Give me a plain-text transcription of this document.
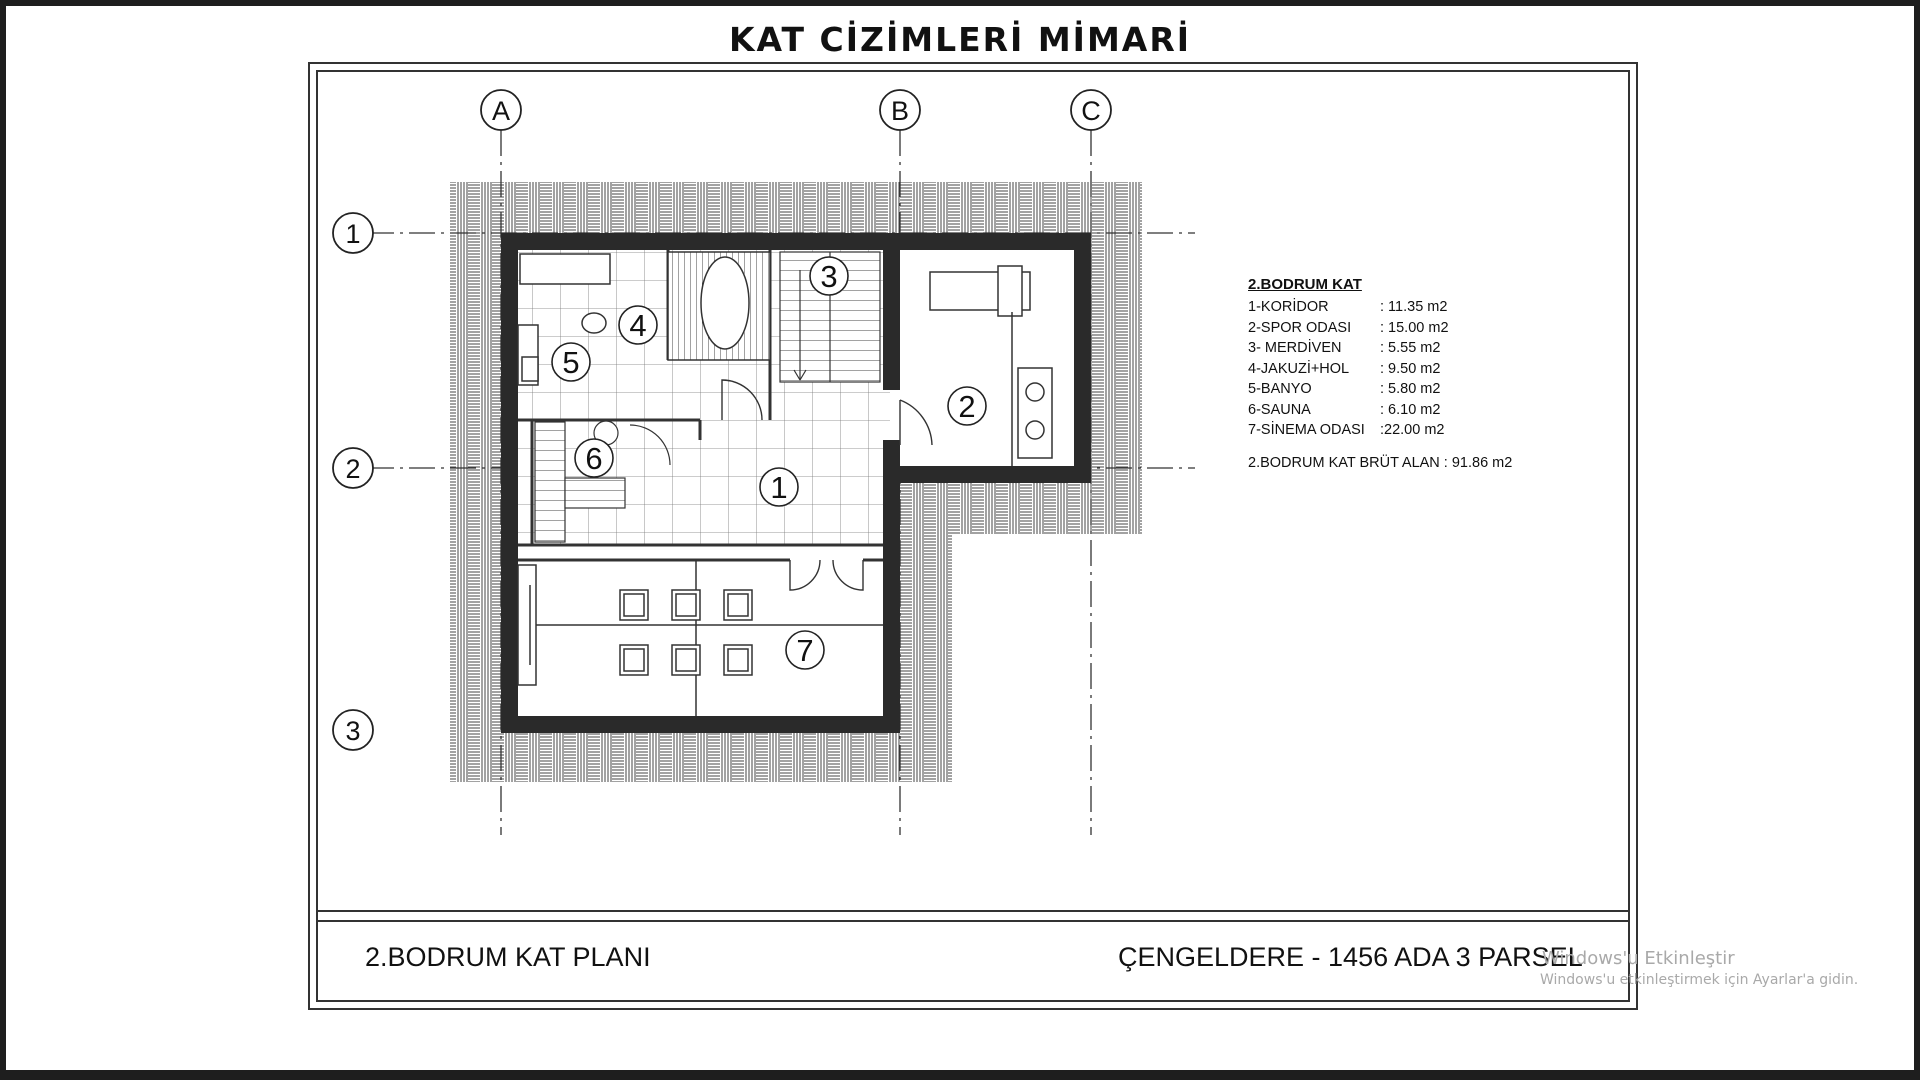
KAT CİZİMLERİ MİMARİ
A	B	C
1
2
3
1
2
3
4
5
6
7
2.BODRUM KAT
1-KORİDOR	: 11.35 m2
2-SPOR ODASI	: 15.00 m2
3- MERDİVEN	: 5.55 m2
4-JAKUZİ+HOL	: 9.50 m2
5-BANYO	: 5.80 m2
6-SAUNA	: 6.10 m2
7-SİNEMA ODASI	:22.00 m2
2.BODRUM KAT BRÜT ALAN : 91.86 m2
2.BODRUM KAT PLANI	ÇENGELDERE - 1456 ADA 3 PARSEL
Windows'u Etkinleştir
Windows'u etkinleştirmek için Ayarlar'a gidin.
